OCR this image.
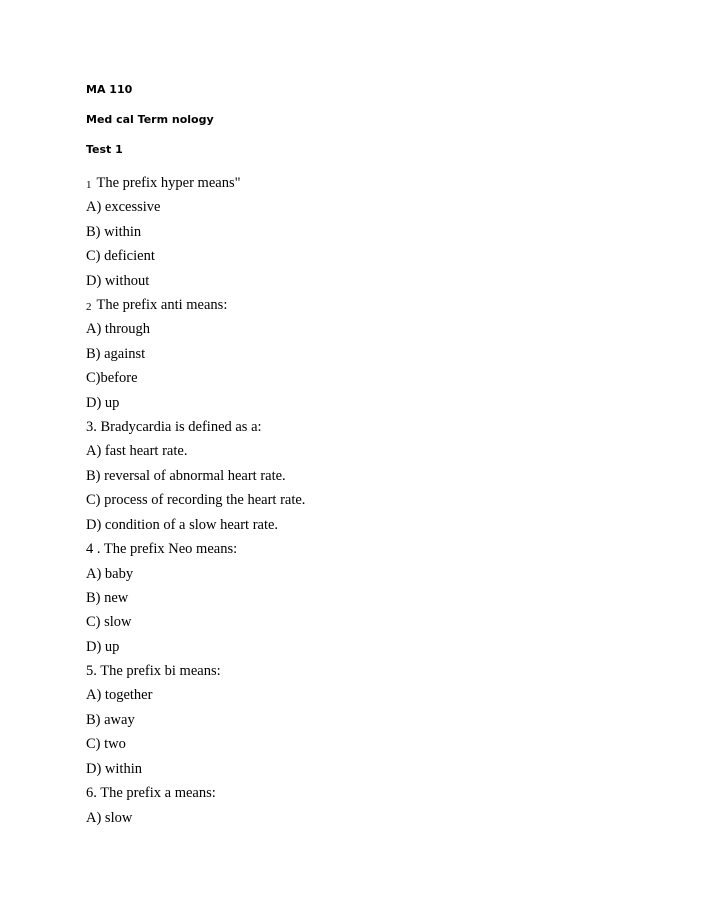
MA 110
Med cal Term nology
Test 1
1 The prefix hyper means"
A) excessive
B) within
C) deficient
D) without
2 The prefix anti means:
A) through
B) against
C)before
D) up
3. Bradycardia is defined as a:
A) fast heart rate.
B) reversal of abnormal heart rate.
C) process of recording the heart rate.
D) condition of a slow heart rate.
4 . The prefix Neo means:
A) baby
B) new
C) slow
D) up
5. The prefix bi means:
A) together
B) away
C) two
D) within
6. The prefix a means:
A) slow
